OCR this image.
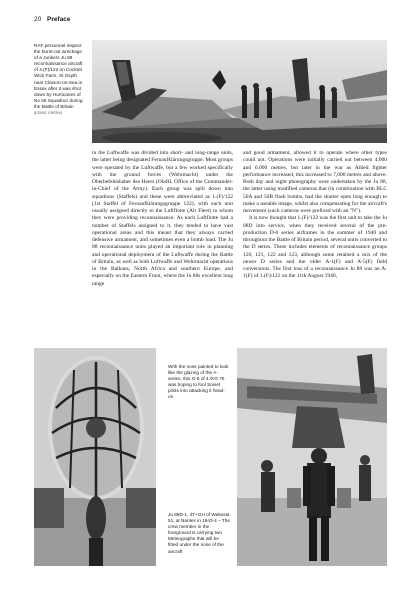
20 Preface
RAF personnel inspect the burnt-out wreckage of a Junkers Ju 88 reconnaissance aircraft of 4.(F)/122 on Cockett Wick Farm, St Osyth near Clacton-on-Sea in Essex after it was shot down by Hurricanes of No 56 Squadron during the Battle of Britain
(EDDIE CREEK)

in the Luftwaffe was divided into short- and long-range units, the latter being designated Fernaufklärungsgruppe. Most groups were operated by the Luftwaffe, but a few worked specifically with the ground forces (Wehrmacht) under the Oberbefehlshaber des Heers (ObdH, Office of the Commander-in-Chief of the Army). Each group was split down into squadrons (Staffels) and these were abbreviated as 1.(F)/122 (1st Staffel of Fernaufklärungsgruppe 122), with each unit usually assigned directly to the Luftflotte (Air Fleet) to whom they were providing reconnaissance. As each Luftflotte had a number of Staffels assigned to it, they tended to have vast operational areas and this meant that they always carried defensive armament, and sometimes even a bomb load. The Ju 88 reconnaissance units played an important role in planning and operational deployment of the Luftwaffe during the Battle of Britain, as well as both Luftwaffe and Wehrmacht operations in the Balkans, North Africa and southern Europe, and especially on the Eastern Front, where the Ju 88s excellent long range

and good armament, allowed it to operate where other types could not. Operations were initially carried out between 4,000 and 6,000 metres, but later in the war as Allied fighter performance increased, this increased to 7,000 metres and above. Both day and night photography were undertaken by the Ju 88, the latter using modified cameras that (in combination with BLC 50A and 50B flash bombs, had the shutter open long enough to make a useable image, whilst also compensating for the aircraft's movement (such cameras were prefixed with an "N").

It is now thought that 1.(F)/122 was the first unit to take the Ju 88D into service, when they received several of the pre-production D-0 series airframes in the summer of 1940 and throughout the Battle of Britain period, several units converted to the D series. These includes elements of reconnaissance groups 120, 121, 122 and 123, although some retained a mix of the newer D series and the older A-1(F) and A-5(F) field conversions. The first loss of a reconnaissance Ju 88 was an A-1(F) of 1.(F)/121 on the 11th August 1940,

With the nose painted to look like the glazing of the A-series, this G-6 of 4./KG 76 was hoping to fool Soviet pilots into attacking it head-on
Ju 88D-1, 4T+GH of Wekusta 51, at Nantes in 1943-4 – The crew member in the foreground is carrying two Meteographs that will be fitted under the nose of the aircraft
